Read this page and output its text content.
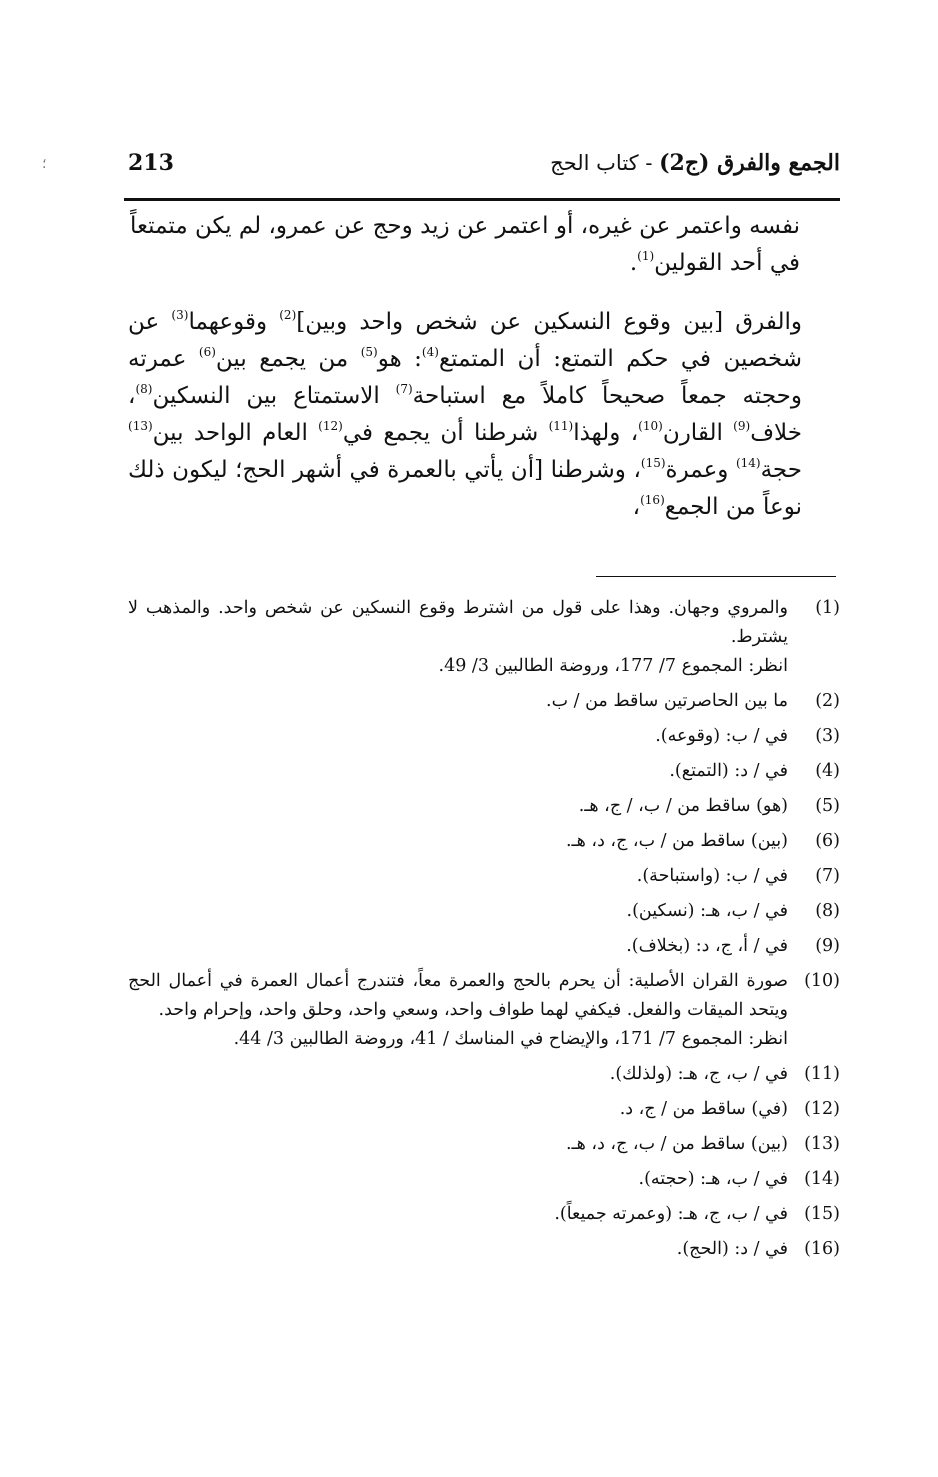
؛	الجمع والفرق (ج2) - كتاب الحج
213

نفسه واعتمر عن غيره، أو اعتمر عن زيد وحج عن عمرو، لم يكن متمتعاً
في أحد القولين$^{(1)}$.

والفرق [بين وقوع النسكين عن شخص واحد وبين]$^{(2)}$ وقوعهما$^{(3)}$ عن شخصين في حكم التمتع: أن المتمتع$^{(4)}$: هو$^{(5)}$ من يجمع بين$^{(6)}$ عمرته وحجته جمعاً صحيحاً كاملاً مع استباحة$^{(7)}$ الاستمتاع بين النسكين$^{(8)}$، خلاف$^{(9)}$ القارن$^{(10)}$، ولهذا$^{(11)}$ شرطنا أن يجمع في$^{(12)}$ العام الواحد بين$^{(13)}$ حجة$^{(14)}$ وعمرة$^{(15)}$، وشرطنا [أن يأتي بالعمرة في أشهر الحج؛ ليكون ذلك نوعاً من الجمع$^{(16)}$،

(1)
والمروي وجهان. وهذا على قول من اشترط وقوع النسكين عن شخص واحد. والمذهب لا يشترط.
انظر: المجموع 7/ 177، وروضة الطالبين 3/ 49.
(2)
ما بين الحاصرتين ساقط من / ب.
(3)
في / ب: (وقوعه).
(4)
في / د: (التمتع).
(5)
(هو) ساقط من / ب، / ج، هـ.
(6)
(بين) ساقط من / ب، ج، د، هـ.
(7)
في / ب: (واستباحة).
(8)
في / ب، هـ: (نسكين).
(9)
في / أ، ج، د: (بخلاف).
(10)
صورة القران الأصلية: أن يحرم بالحج والعمرة معاً، فتندرج أعمال العمرة في أعمال الحج ويتحد الميقات والفعل. فيكفي لهما طواف واحد، وسعي واحد، وحلق واحد، وإحرام واحد.
انظر: المجموع 7/ 171، والإيضاح في المناسك / 41، وروضة الطالبين 3/ 44.
(11)
في / ب، ج، هـ: (ولذلك).
(12)
(في) ساقط من / ج، د.
(13)
(بين) ساقط من / ب، ج، د، هـ.
(14)
في / ب، هـ: (حجته).
(15)
في / ب، ج، هـ: (وعمرته جميعاً).
(16)
في / د: (الحج).
